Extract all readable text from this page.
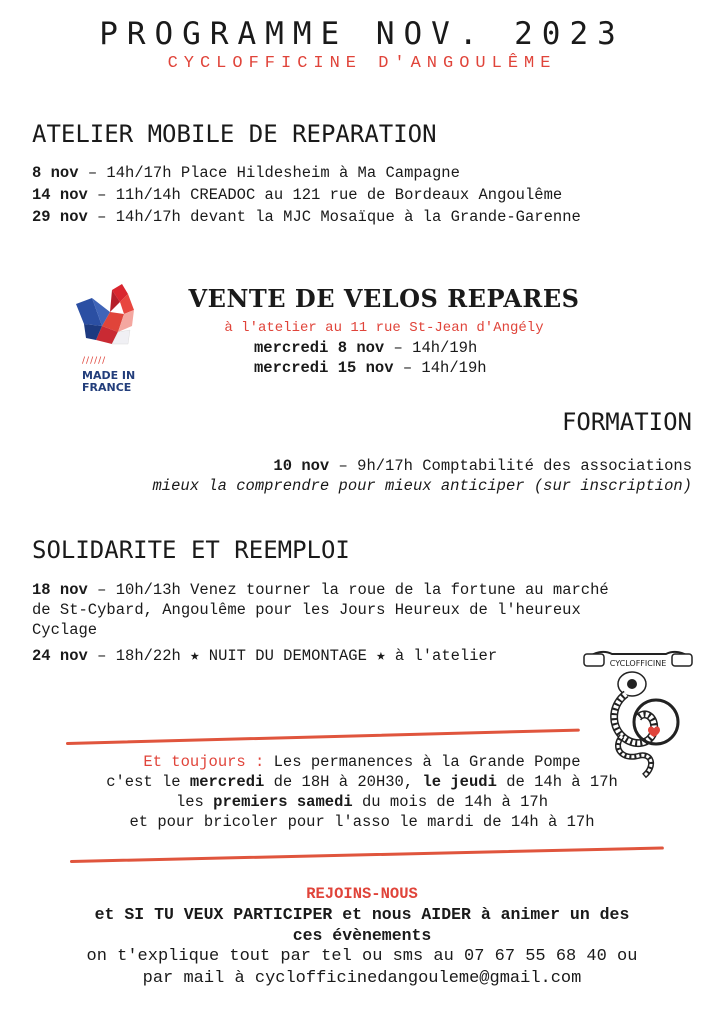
PROGRAMME NOV. 2023
CYCLOFFICINE D'ANGOULÊME
ATELIER MOBILE DE REPARATION
8 nov – 14h/17h Place Hildesheim à Ma Campagne
14 nov – 11h/14h CREADOC au 121 rue de Bordeaux Angoulême
29 nov – 14h/17h devant la MJC Mosaïque à la Grande-Garenne
//////
MADE IN
FRANCE
VENTE DE VELOS REPARES
à l'atelier au 11 rue St-Jean d'Angély
mercredi 8 nov – 14h/19h
mercredi 15 nov – 14h/19h
FORMATION
10 nov – 9h/17h Comptabilité des associations
mieux la comprendre pour mieux anticiper (sur inscription)
SOLIDARITE ET REEMPLOI
18 nov – 10h/13h Venez tourner la roue de la fortune au marché
de St-Cybard, Angoulême pour les Jours Heureux de l'heureux
Cyclage
24 nov – 18h/22h ★ NUIT DU DEMONTAGE ★ à l'atelier	CYCLOFFICINE
Et toujours : Les permanences à la Grande Pompe
c'est le mercredi de 18H à 20H30, le jeudi de 14h à 17h
les premiers samedi du mois de 14h à 17h
et pour bricoler pour l'asso le mardi de 14h à 17h
REJOINS-NOUS
et SI TU VEUX PARTICIPER et nous AIDER à animer un des
ces évènements
on t'explique tout par tel ou sms au 07 67 55 68 40 ou
par mail à cyclofficinedangouleme@gmail.com
